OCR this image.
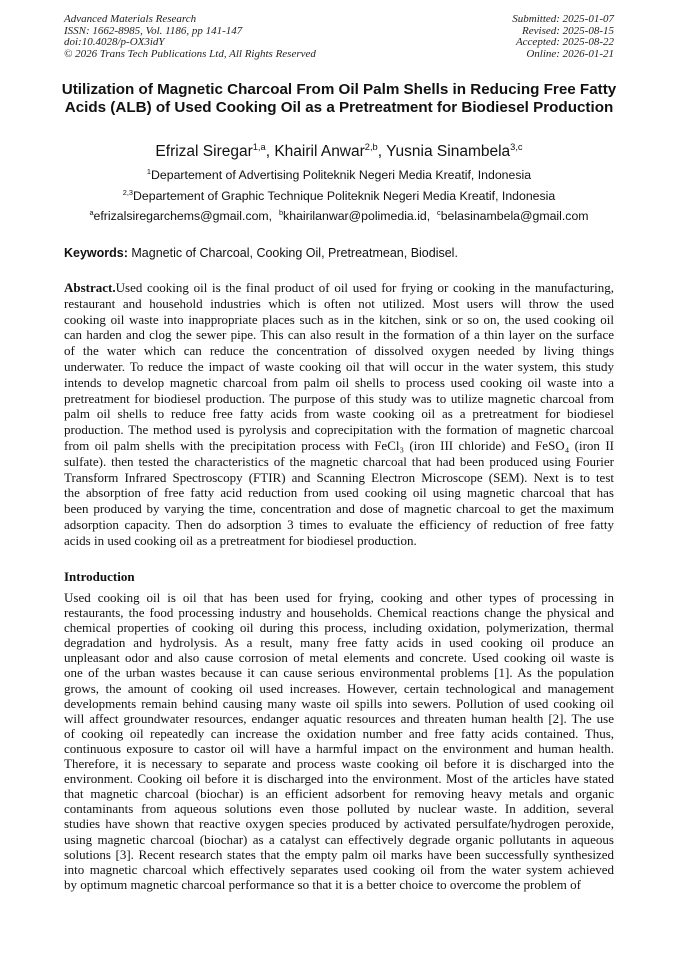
Advanced Materials Research
ISSN: 1662-8985, Vol. 1186, pp 141-147
doi:10.4028/p-OX3idY
© 2026 Trans Tech Publications Ltd, All Rights Reserved
Submitted: 2025-01-07
Revised: 2025-08-15
Accepted: 2025-08-22
Online: 2026-01-21
Utilization of Magnetic Charcoal From Oil Palm Shells in Reducing Free Fatty Acids (ALB) of Used Cooking Oil as a Pretreatment for Biodiesel Production
Efrizal Siregar$^{1,a}$, Khairil Anwar$^{2,b}$, Yusnia Sinambela$^{3,c}$
$^1$Departement of Advertising Politeknik Negeri Media Kreatif, Indonesia
$^{2,3}$Departement of Graphic Technique Politeknik Negeri Media Kreatif, Indonesia
$^a$efrizalsiregarchems@gmail.com, $^b$khairilanwar@polimedia.id, $^c$belasinambela@gmail.com
Keywords: Magnetic of Charcoal, Cooking Oil, Pretreatmean, Biodisel.
Abstract.Used cooking oil is the final product of oil used for frying or cooking in the manufacturing,
restaurant and household industries which is often not utilized. Most users will throw the used
cooking oil waste into inappropriate places such as in the kitchen, sink or so on, the used cooking oil
can harden and clog the sewer pipe. This can also result in the formation of a thin layer on the surface
of the water which can reduce the concentration of dissolved oxygen needed by living things
underwater. To reduce the impact of waste cooking oil that will occur in the water system, this study
intends to develop magnetic charcoal from palm oil shells to process used cooking oil waste into a
pretreatment for biodiesel production. The purpose of this study was to utilize magnetic charcoal from
palm oil shells to reduce free fatty acids from waste cooking oil as a pretreatment for biodiesel
production. The method used is pyrolysis and coprecipitation with the formation of magnetic charcoal
from oil palm shells with the precipitation process with FeCl₃ (iron III chloride) and FeSO₄ (iron II
sulfate). then tested the characteristics of the magnetic charcoal that had been produced using Fourier
Transform Infrared Spectroscopy (FTIR) and Scanning Electron Microscope (SEM). Next is to test
the absorption of free fatty acid reduction from used cooking oil using magnetic charcoal that has
been produced by varying the time, concentration and dose of magnetic charcoal to get the maximum
adsorption capacity. Then do adsorption 3 times to evaluate the efficiency of reduction of free fatty
acids in used cooking oil as a pretreatment for biodiesel production.
Introduction
Used cooking oil is oil that has been used for frying, cooking and other types of processing in
restaurants, the food processing industry and households. Chemical reactions change the physical and
chemical properties of cooking oil during this process, including oxidation, polymerization, thermal
degradation and hydrolysis. As a result, many free fatty acids in used cooking oil produce an
unpleasant odor and also cause corrosion of metal elements and concrete. Used cooking oil waste is
one of the urban wastes because it can cause serious environmental problems [1]. As the population
grows, the amount of cooking oil used increases. However, certain technological and management
developments remain behind causing many waste oil spills into sewers. Pollution of used cooking oil
will affect groundwater resources, endanger aquatic resources and threaten human health [2]. The use
of cooking oil repeatedly can increase the oxidation number and free fatty acids contained. Thus,
continuous exposure to castor oil will have a harmful impact on the environment and human health.
Therefore, it is necessary to separate and process waste cooking oil before it is discharged into the
environment. Cooking oil before it is discharged into the environment. Most of the articles have stated
that magnetic charcoal (biochar) is an efficient adsorbent for removing heavy metals and organic
contaminants from aqueous solutions even those polluted by nuclear waste. In addition, several
studies have shown that reactive oxygen species produced by activated persulfate/hydrogen peroxide,
using magnetic charcoal (biochar) as a catalyst can effectively degrade organic pollutants in aqueous
solutions [3]. Recent research states that the empty palm oil marks have been successfully synthesized
into magnetic charcoal which effectively separates used cooking oil from the water system achieved
by optimum magnetic charcoal performance so that it is a better choice to overcome the problem of
